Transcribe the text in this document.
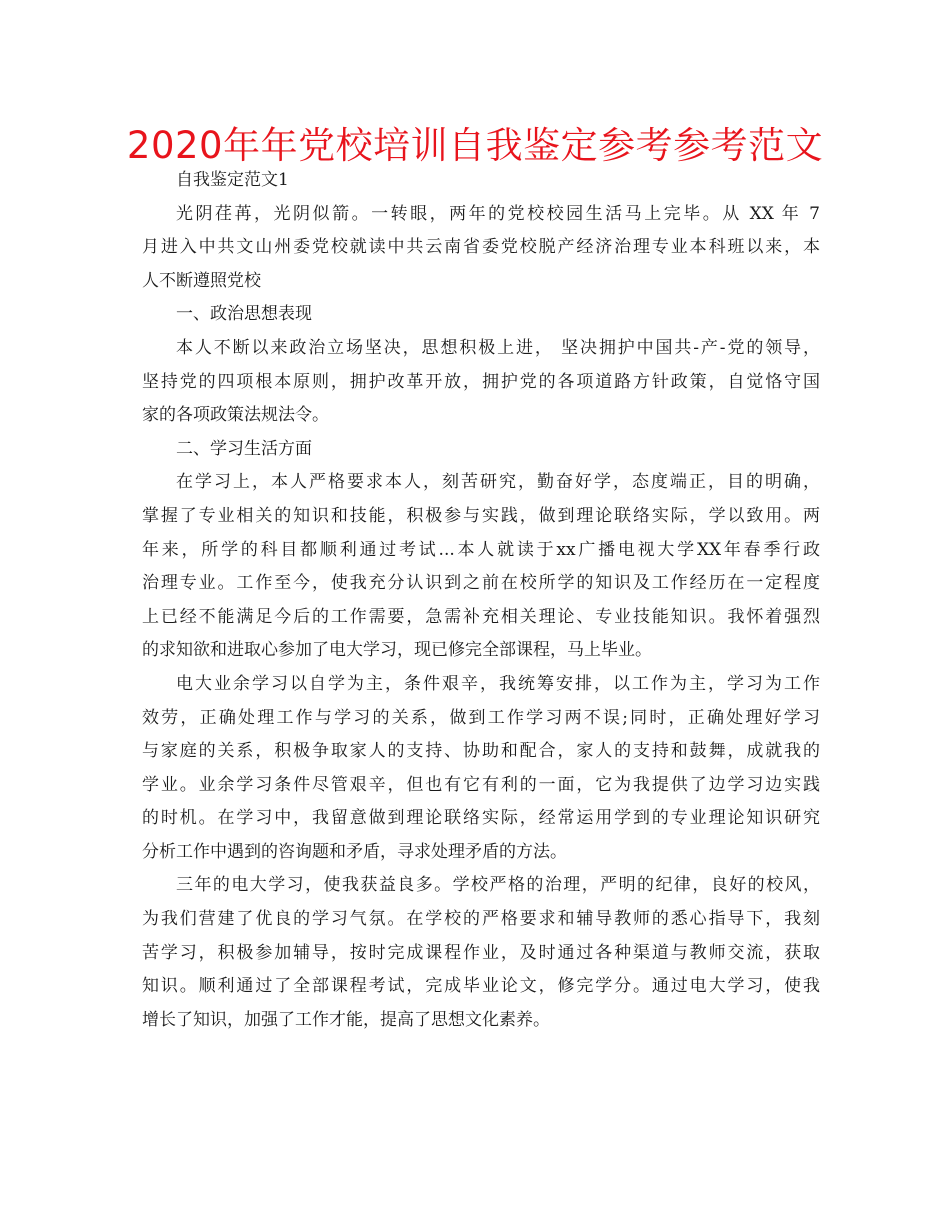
2020年年党校培训自我鉴定参考参考范文
自我鉴定范文1
光阴荏苒，光阴似箭。一转眼，两年的党校校园生活马上完毕。从 XX 年 7
月进入中共文山州委党校就读中共云南省委党校脱产经济治理专业本科班以来，本
人不断遵照党校
一、政治思想表现
本人不断以来政治立场坚决，思想积极上进， 坚决拥护中国共-产-党的领导，
坚持党的四项根本原则，拥护改革开放，拥护党的各项道路方针政策，自觉恪守国
家的各项政策法规法令。
二、学习生活方面
在学习上，本人严格要求本人，刻苦研究，勤奋好学，态度端正，目的明确，
掌握了专业相关的知识和技能，积极参与实践，做到理论联络实际，学以致用。两
年来，所学的科目都顺利通过考试...本人就读于xx广播电视大学XX年春季行政
治理专业。工作至今，使我充分认识到之前在校所学的知识及工作经历在一定程度
上已经不能满足今后的工作需要，急需补充相关理论、专业技能知识。我怀着强烈
的求知欲和进取心参加了电大学习，现已修完全部课程，马上毕业。
电大业余学习以自学为主，条件艰辛，我统筹安排，以工作为主，学习为工作
效劳，正确处理工作与学习的关系，做到工作学习两不误;同时，正确处理好学习
与家庭的关系，积极争取家人的支持、协助和配合，家人的支持和鼓舞，成就我的
学业。业余学习条件尽管艰辛，但也有它有利的一面，它为我提供了边学习边实践
的时机。在学习中，我留意做到理论联络实际，经常运用学到的专业理论知识研究
分析工作中遇到的咨询题和矛盾，寻求处理矛盾的方法。
三年的电大学习，使我获益良多。学校严格的治理，严明的纪律，良好的校风，
为我们营建了优良的学习气氛。在学校的严格要求和辅导教师的悉心指导下，我刻
苦学习，积极参加辅导，按时完成课程作业，及时通过各种渠道与教师交流，获取
知识。顺利通过了全部课程考试，完成毕业论文，修完学分。通过电大学习，使我
增长了知识，加强了工作才能，提高了思想文化素养。
